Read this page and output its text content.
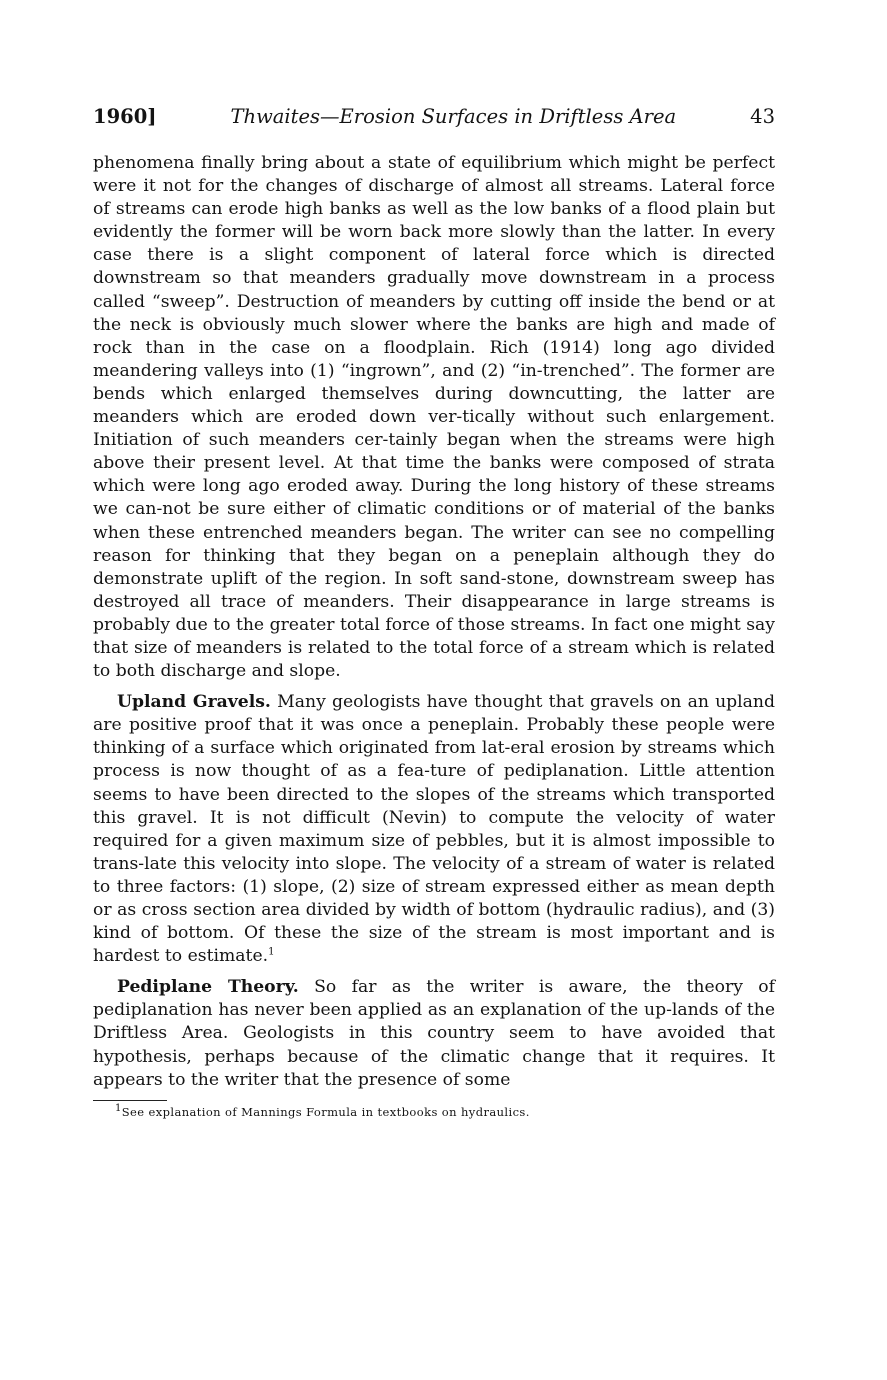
1960]	Thwaites—Erosion Surfaces in Driftless Area	43

phenomena finally bring about a state of equilibrium which might be perfect were it not for the changes of discharge of almost all streams. Lateral force of streams can erode high banks as well as the low banks of a flood plain but evidently the former will be worn back more slowly than the latter. In every case there is a slight component of lateral force which is directed downstream so that meanders gradually move downstream in a process called “sweep”. Destruction of meanders by cutting off inside the bend or at the neck is obviously much slower where the banks are high and made of rock than in the case on a floodplain. Rich (1914) long ago divided meandering valleys into (1) “ingrown”, and (2) “in-trenched”. The former are bends which enlarged themselves during downcutting, the latter are meanders which are eroded down ver-tically without such enlargement. Initiation of such meanders cer-tainly began when the streams were high above their present level. At that time the banks were composed of strata which were long ago eroded away. During the long history of these streams we can-not be sure either of climatic conditions or of material of the banks when these entrenched meanders began. The writer can see no compelling reason for thinking that they began on a peneplain although they do demonstrate uplift of the region. In soft sand-stone, downstream sweep has destroyed all trace of meanders. Their disappearance in large streams is probably due to the greater total force of those streams. In fact one might say that size of meanders is related to the total force of a stream which is related to both discharge and slope.

Upland Gravels. Many geologists have thought that gravels on an upland are positive proof that it was once a peneplain. Probably these people were thinking of a surface which originated from lat-eral erosion by streams which process is now thought of as a fea-ture of pediplanation. Little attention seems to have been directed to the slopes of the streams which transported this gravel. It is not difficult (Nevin) to compute the velocity of water required for a given maximum size of pebbles, but it is almost impossible to trans-late this velocity into slope. The velocity of a stream of water is related to three factors: (1) slope, (2) size of stream expressed either as mean depth or as cross section area divided by width of bottom (hydraulic radius), and (3) kind of bottom. Of these the size of the stream is most important and is hardest to estimate.$^1$

Pediplane Theory. So far as the writer is aware, the theory of pediplanation has never been applied as an explanation of the up-lands of the Driftless Area. Geologists in this country seem to have avoided that hypothesis, perhaps because of the climatic change that it requires. It appears to the writer that the presence of some

$^1$See explanation of Mannings Formula in textbooks on hydraulics.
